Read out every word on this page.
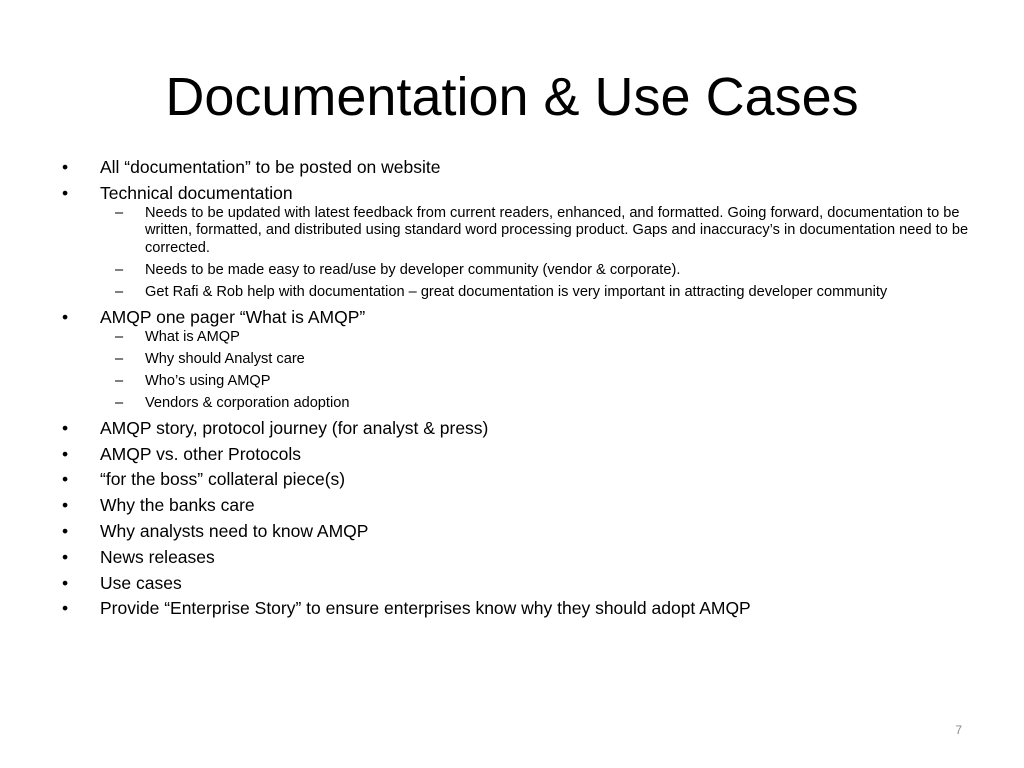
Documentation & Use Cases
• All “documentation” to be posted on website
• Technical documentation
– Needs to be updated with latest feedback from current readers, enhanced, and formatted. Going forward, documentation to be written, formatted, and distributed using standard word processing product. Gaps and inaccuracy’s in documentation need to be corrected.
– Needs to be made easy to read/use by developer community (vendor & corporate).
– Get Rafi & Rob help with documentation – great documentation is very important in attracting developer community
• AMQP one pager “What is AMQP”
– What is AMQP
– Why should Analyst care
– Who’s using AMQP
– Vendors & corporation adoption
• AMQP story, protocol journey (for analyst & press)
• AMQP vs. other Protocols
• “for the boss” collateral piece(s)
• Why the banks care
• Why analysts need to know AMQP
• News releases
• Use cases
• Provide “Enterprise Story” to ensure enterprises know why they should adopt AMQP
7
